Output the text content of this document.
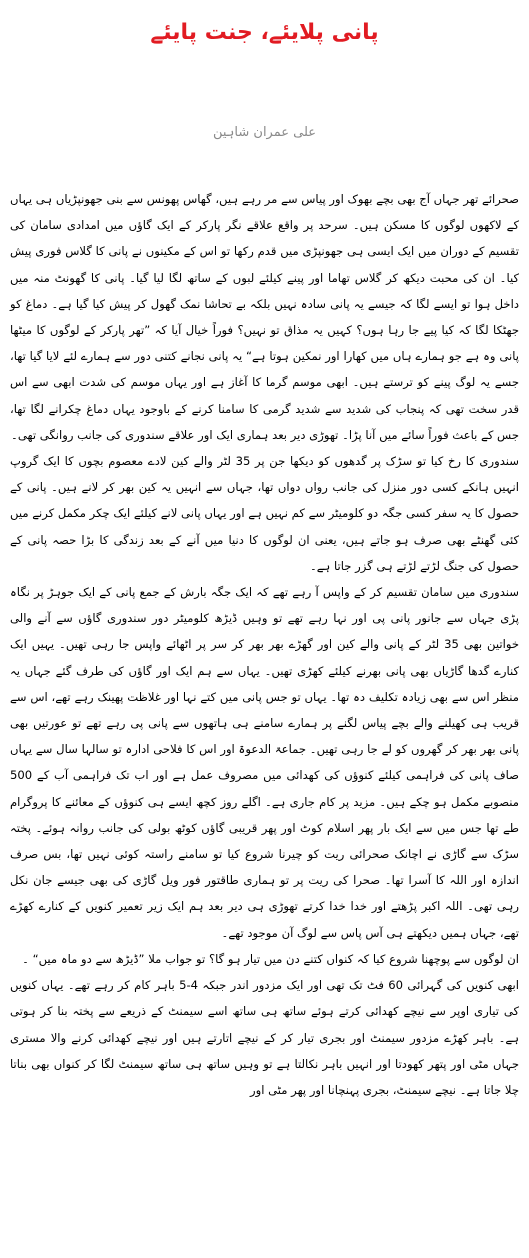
پانی پلایئے، جنت پایئے
علی عمران شاہین

صحرائے تھر جہاں آج بھی بچے بھوک اور پیاس سے مر رہے ہیں، گھاس پھونس سے بنی جھونپڑیاں ہی یہاں کے لاکھوں لوگوں کا مسکن ہیں۔ سرحد پر واقع علاقے نگر پارکر کے ایک گاؤں میں امدادی سامان کی تقسیم کے دوران میں ایک ایسی ہی جھونپڑی میں قدم رکھا تو اس کے مکینوں نے پانی کا گلاس فوری پیش کیا۔ ان کی محبت دیکھ کر گلاس تھاما اور پینے کیلئے لبوں کے ساتھ لگا لیا گیا۔ پانی کا گھونٹ منہ میں داخل ہوا تو ایسے لگا کہ جیسے یہ پانی سادہ نہیں بلکہ بے تحاشا نمک گھول کر پیش کیا گیا ہے۔ دماغ کو جھٹکا لگا کہ کیا پیے جا رہا ہوں؟ کہیں یہ مذاق تو نہیں؟ فوراً خیال آیا کہ ”تھر پارکر کے لوگوں کا میٹھا پانی وہ ہے جو ہمارے ہاں میں کھارا اور نمکین ہوتا ہے“ یہ پانی نجانے کتنی دور سے ہمارے لئے لایا گیا تھا، جسے یہ لوگ پینے کو ترستے ہیں۔ ابھی موسم گرما کا آغاز ہے اور یہاں موسم کی شدت ابھی سے اس قدر سخت تھی کہ پنجاب کی شدید سے شدید گرمی کا سامنا کرنے کے باوجود یہاں دماغ چکرانے لگا تھا، جس کے باعث فوراً سائے میں آنا پڑا۔ تھوڑی دیر بعد ہماری ایک اور علاقے سندوری کی جانب روانگی تھی۔

سندوری کا رخ کیا تو سڑک پر گدھوں کو دیکھا جن پر 35 لٹر والے کین لادے معصوم بچوں کا ایک گروپ انہیں ہانکے کسی دور منزل کی جانب رواں دواں تھا، جہاں سے انہیں یہ کین بھر کر لانے ہیں۔ پانی کے حصول کا یہ سفر کسی جگہ دو کلومیٹر سے کم نہیں ہے اور یہاں پانی لانے کیلئے ایک چکر مکمل کرنے میں کئی گھنٹے بھی صرف ہو جاتے ہیں، یعنی ان لوگوں کا دنیا میں آنے کے بعد زندگی کا بڑا حصہ پانی کے حصول کی جنگ لڑتے لڑتے ہی گزر جاتا ہے۔

سندوری میں سامان تقسیم کر کے واپس آ رہے تھے کہ ایک جگہ بارش کے جمع پانی کے ایک جوہڑ پر نگاہ پڑی جہاں سے جانور پانی پی اور نہا رہے تھے تو وہیں ڈیڑھ کلومیٹر دور سندوری گاؤں سے آنے والی خواتین بھی 35 لٹر کے پانی والے کین اور گھڑے بھر بھر کر سر پر اٹھائے واپس جا رہی تھیں۔ یہیں ایک کنارے گدھا گاڑیاں بھی پانی بھرنے کیلئے کھڑی تھیں۔ یہاں سے ہم ایک اور گاؤں کی طرف گئے جہاں یہ منظر اس سے بھی زیادہ تکلیف دہ تھا۔ یہاں تو جس پانی میں کتے نہا اور غلاظت پھینک رہے تھے، اس سے قریب ہی کھیلنے والے بچے پیاس لگنے پر ہمارے سامنے ہی ہاتھوں سے پانی پی رہے تھے تو عورتیں بھی پانی بھر بھر کر گھروں کو لے جا رہی تھیں۔ جماعۃ الدعوۃ اور اس کا فلاحی ادارہ تو سالہا سال سے یہاں صاف پانی کی فراہمی کیلئے کنوؤں کی کھدائی میں مصروف عمل ہے اور اب تک فراہمی آب کے 500 منصوبے مکمل ہو چکے ہیں۔ مزید پر کام جاری ہے۔ اگلے روز کچھ ایسے ہی کنوؤں کے معائنے کا پروگرام طے تھا جس میں سے ایک بار پھر اسلام کوٹ اور پھر قریبی گاؤں کوٹھ بولی کی جانب روانہ ہوئے۔ پختہ سڑک سے گاڑی نے اچانک صحرائی ریت کو چیرنا شروع کیا تو سامنے راستہ کوئی نہیں تھا، بس صرف اندازہ اور اللہ کا آسرا تھا۔ صحرا کی ریت پر تو ہماری طاقتور فور ویل گاڑی کی بھی جیسے جان نکل رہی تھی۔ اللہ اکبر پڑھتے اور خدا خدا کرتے تھوڑی ہی دیر بعد ہم ایک زیر تعمیر کنویں کے کنارے کھڑے تھے، جہاں ہمیں دیکھتے ہی آس پاس سے لوگ آن موجود تھے۔

ان لوگوں سے پوچھنا شروع کیا کہ کنواں کتنے دن میں تیار ہو گا؟ تو جواب ملا ”ڈیڑھ سے دو ماہ میں“ ۔

ابھی کنویں کی گہرائی 60 فٹ تک تھی اور ایک مزدور اندر جبکہ 4-5 باہر کام کر رہے تھے۔ یہاں کنویں کی تیاری اوپر سے نیچے کھدائی کرتے ہوئے ساتھ ہی ساتھ اسے سیمنٹ کے ذریعے سے پختہ بنا کر ہوتی ہے۔ باہر کھڑے مزدور سیمنٹ اور بجری تیار کر کے نیچے اتارتے ہیں اور نیچے کھدائی کرنے والا مستری جہاں مٹی اور پتھر کھودتا اور انہیں باہر نکالتا ہے تو وہیں ساتھ ہی ساتھ سیمنٹ لگا کر کنواں بھی بناتا چلا جاتا ہے۔ نیچے سیمنٹ، بجری پہنچانا اور پھر مٹی اور
